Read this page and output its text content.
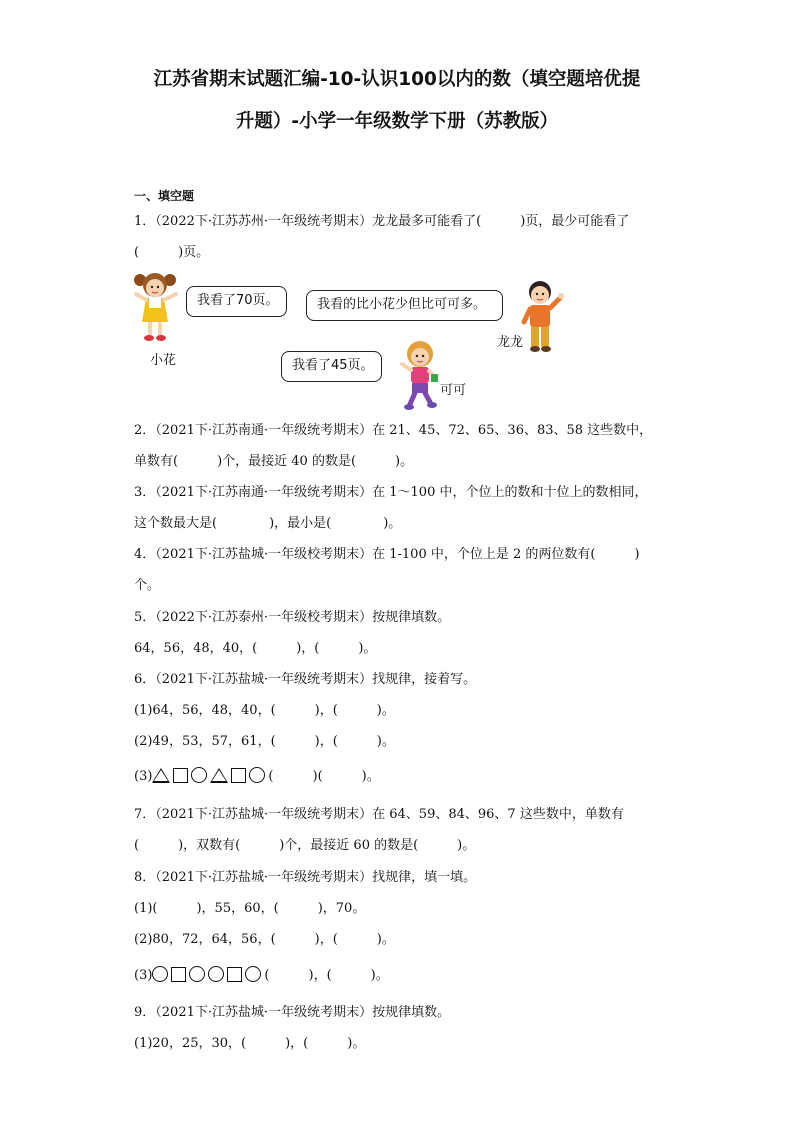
江苏省期末试题汇编-10-认识100以内的数（填空题培优提
升题）-小学一年级数学下册（苏教版）
一、填空题
1．（2022下·江苏苏州·一年级统考期末）龙龙最多可能看了(　　　)页，最少可能看了
(　　　)页。
小花
我看了70页。	我看的比小花少但比可可多。
龙龙
我看了45页。
可可
2．（2021下·江苏南通·一年级统考期末）在 21、45、72、65、36、83、58 这些数中，
单数有(　　　)个，最接近 40 的数是(　　　)。
3．（2021下·江苏南通·一年级统考期末）在 1～100 中，个位上的数和十位上的数相同，
这个数最大是(　　　　)，最小是(　　　　)。
4．（2021下·江苏盐城·一年级校考期末）在 1-100 中，个位上是 2 的两位数有(　　　)
个。
5．（2022下·江苏泰州·一年级校考期末）按规律填数。
64，56，48，40，(　　　)，(　　　)。
6．（2021下·江苏盐城·一年级统考期末）找规律，接着写。
(1)64，56，48，40，(　　　)，(　　　)。
(2)49，53，57，61，(　　　)，(　　　)。
(3)	(　　　)(　　　)。
7．（2021下·江苏盐城·一年级统考期末）在 64、59、84、96、7 这些数中，单数有
(　　　)，双数有(　　　)个，最接近 60 的数是(　　　)。
8．（2021下·江苏盐城·一年级统考期末）找规律，填一填。
(1)(　　　)，55，60，(　　　)，70。
(2)80，72，64，56，(　　　)，(　　　)。
(3)	(　　　)，(　　　)。
9．（2021下·江苏盐城·一年级统考期末）按规律填数。
(1)20，25，30，(　　　)，(　　　)。
